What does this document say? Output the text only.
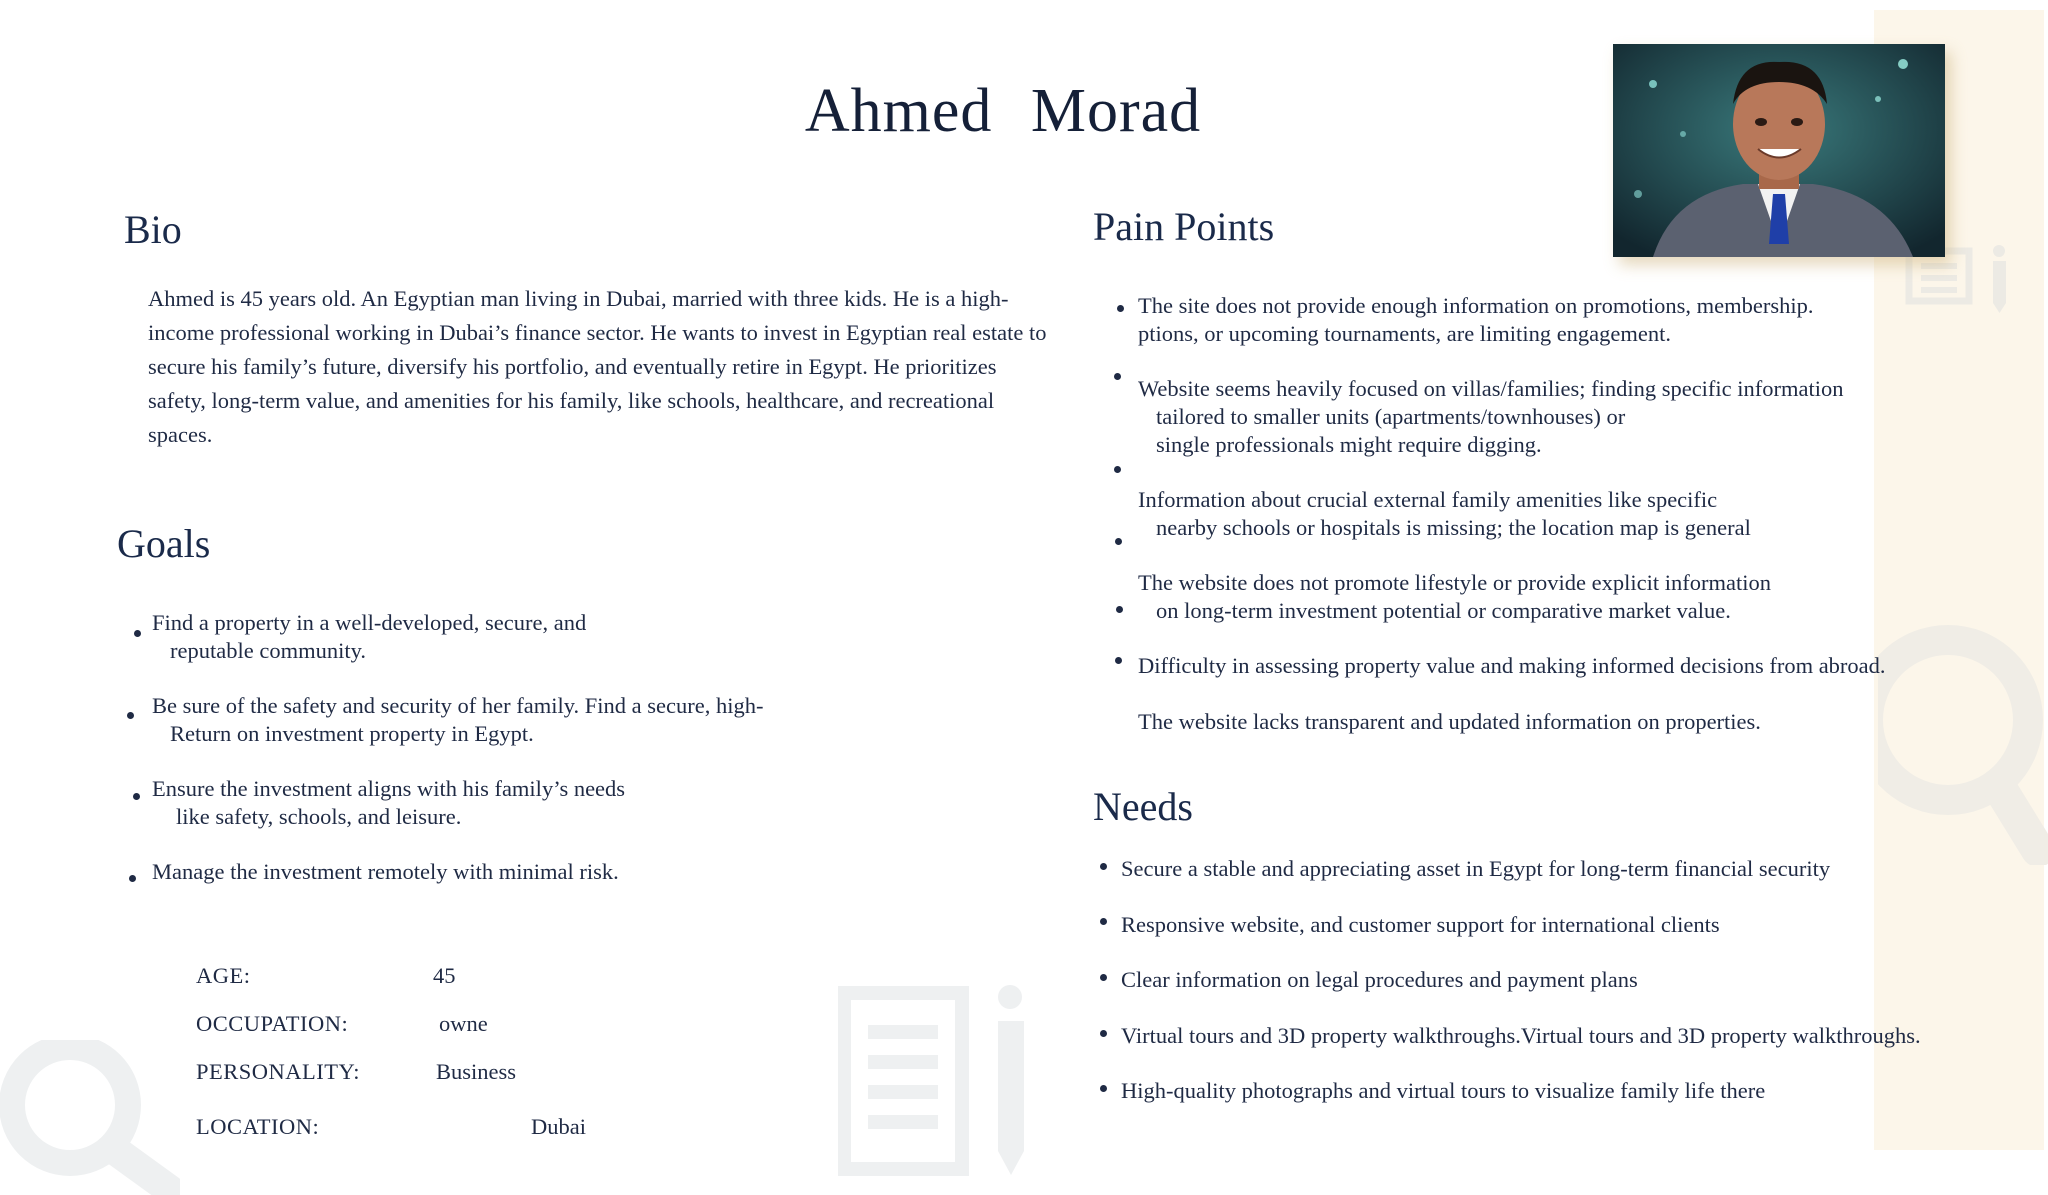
Ahmed Morad
Bio
Ahmed is 45 years old. An Egyptian man living in Dubai, married with three kids. He is a high-income professional working in Dubai’s finance sector. He wants to invest in Egyptian real estate to secure his family’s future, diversify his portfolio, and eventually retire in Egypt. He prioritizes safety, long-term value, and amenities for his family, like schools, healthcare, and recreational spaces.
Goals
Find a property in a well-developed, secure, and
reputable community.
Be sure of the safety and security of her family. Find a secure, high-
Return on investment property in Egypt.
Ensure the investment aligns with his family’s needs
like safety, schools, and leisure.
Manage the investment remotely with minimal risk.
AGE:	45
OCCUPATION:	owne
PERSONALITY:	Business
LOCATION:	Dubai
Pain Points
The site does not provide enough information on promotions, membership.
ptions, or upcoming tournaments, are limiting engagement.
Website seems heavily focused on villas/families; finding specific information
tailored to smaller units (apartments/townhouses) or
single professionals might require digging.
Information about crucial external family amenities like specific
nearby schools or hospitals is missing; the location map is general
The website does not promote lifestyle or provide explicit information
on long-term investment potential or comparative market value.
Difficulty in assessing property value and making informed decisions from abroad.
The website lacks transparent and updated information on properties.
Needs
Secure a stable and appreciating asset in Egypt for long-term financial security
Responsive website, and customer support for international clients
Clear information on legal procedures and payment plans
Virtual tours and 3D property walkthroughs.Virtual tours and 3D property walkthroughs.
High-quality photographs and virtual tours to visualize family life there
